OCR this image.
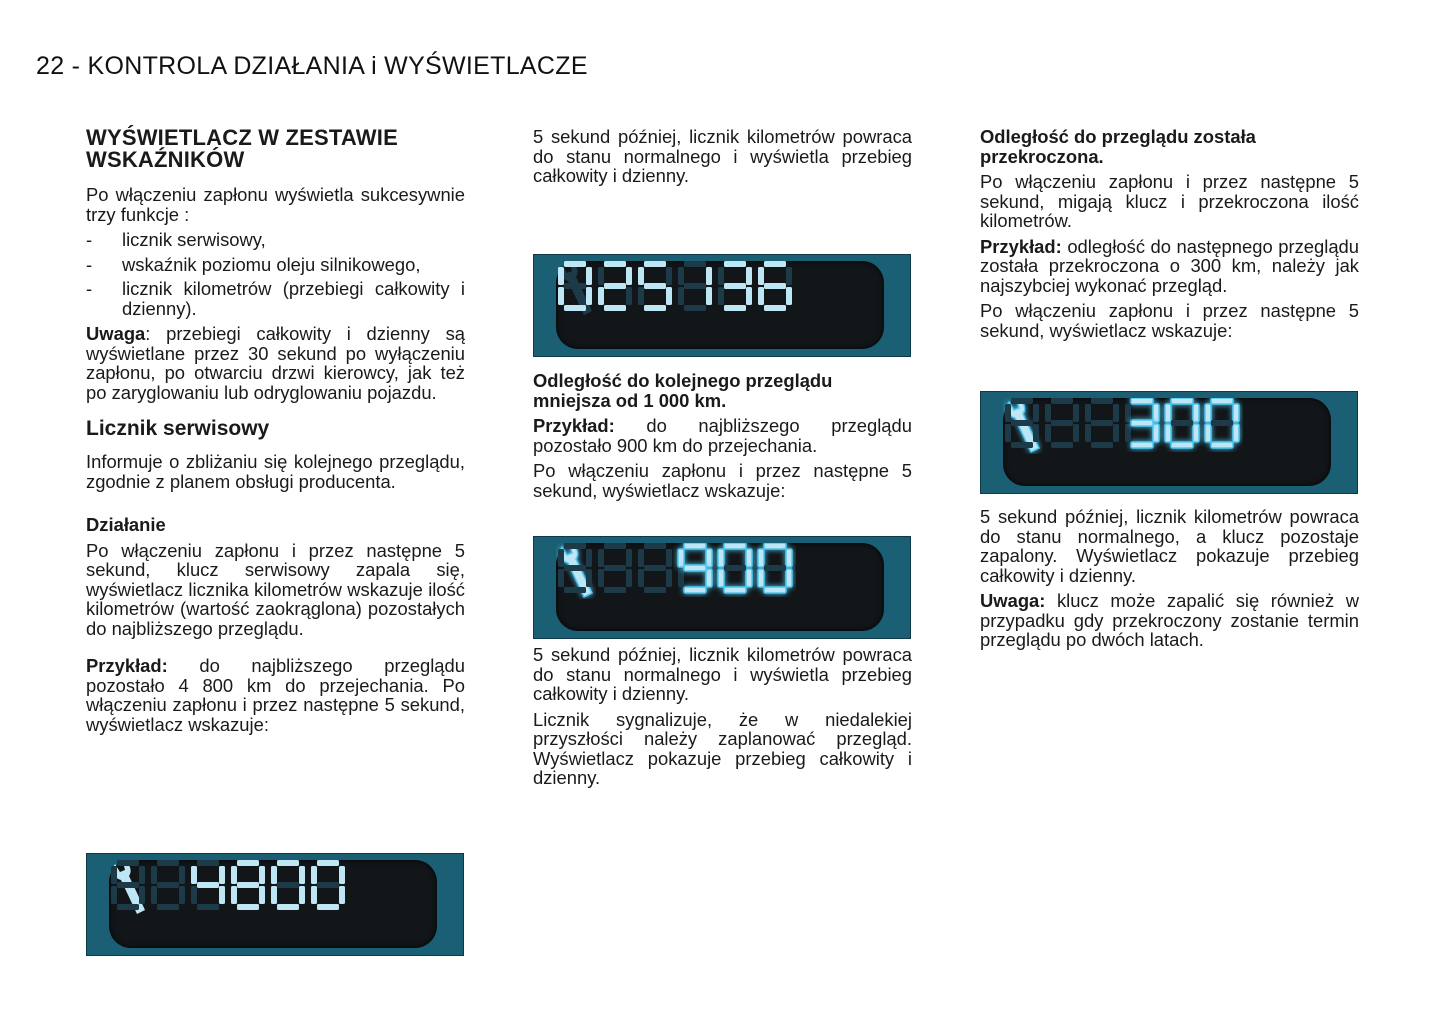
22 - KONTROLA DZIAŁANIA i WYŚWIETLACZE
WYŚWIETLACZ W ZESTAWIE WSKAŹNIKÓW

Po włączeniu zapłonu wyświetla sukcesywnie trzy funkcje :

- licznik serwisowy,
- wskaźnik poziomu oleju silnikowego,
- licznik kilometrów (przebiegi całkowity i dzienny).

Uwaga: przebiegi całkowity i dzienny są wyświetlane przez 30 sekund po wyłączeniu zapłonu, po otwarciu drzwi kierowcy, jak też po zaryglowaniu lub odryglowaniu pojazdu.

Licznik serwisowy

Informuje o zbliżaniu się kolejnego przeglądu, zgodnie z planem obsługi producenta.

Działanie

Po włączeniu zapłonu i przez następne 5 sekund, klucz serwisowy zapala się, wyświetlacz licznika kilometrów wskazuje ilość kilometrów (wartość zaokrąglona) pozostałych do najbliższego przeglądu.

Przykład: do najbliższego przeglądu pozostało 4 800 km do przejechania. Po włączeniu zapłonu i przez następne 5 sekund, wyświetlacz wskazuje:

5 sekund później, licznik kilometrów powraca do stanu normalnego i wyświetla przebieg całkowity i dzienny.

Odległość do kolejnego przeglądu mniejsza od 1 000 km.

Przykład: do najbliższego przeglądu pozostało 900 km do przejechania.

Po włączeniu zapłonu i przez następne 5 sekund, wyświetlacz wskazuje:

5 sekund później, licznik kilometrów powraca do stanu normalnego i wyświetla przebieg całkowity i dzienny.

Licznik sygnalizuje, że w niedalekiej przyszłości należy zaplanować przegląd. Wyświetlacz pokazuje przebieg całkowity i dzienny.

Odległość do przeglądu została przekroczona.

Po włączeniu zapłonu i przez następne 5 sekund, migają klucz i przekroczona ilość kilometrów.

Przykład: odległość do następnego przeglądu została przekroczona o 300 km, należy jak najszybciej wykonać przegląd.

Po włączeniu zapłonu i przez następne 5 sekund, wyświetlacz wskazuje:

5 sekund później, licznik kilometrów powraca do stanu normalnego, a klucz pozostaje zapalony. Wyświetlacz pokazuje przebieg całkowity i dzienny.

Uwaga: klucz może zapalić się również w przypadku gdy przekroczony zostanie termin przeglądu po dwóch latach.
